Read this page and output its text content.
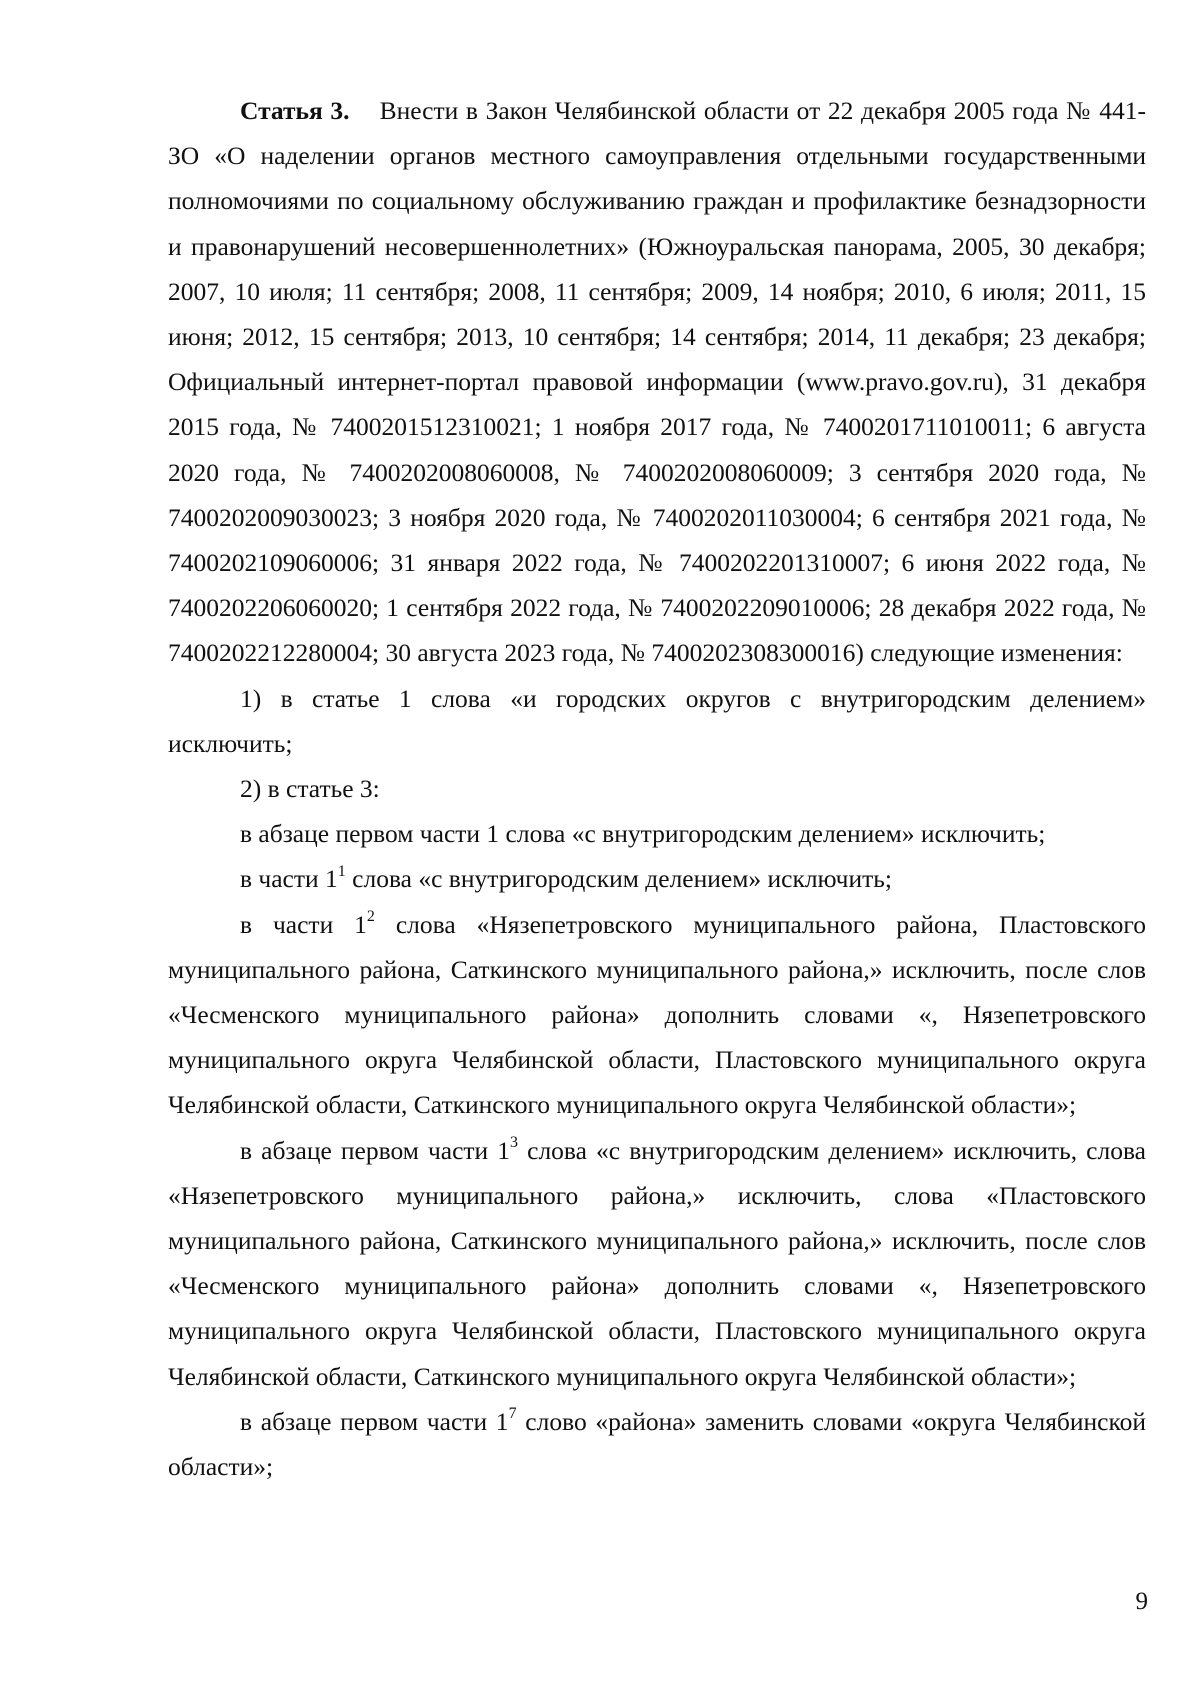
Статья 3. Внести в Закон Челябинской области от 22 декабря 2005 года № 441-ЗО «О наделении органов местного самоуправления отдельными государственными полномочиями по социальному обслуживанию граждан и профилактике безнадзорности и правонарушений несовершеннолетних» (Южноуральская панорама, 2005, 30 декабря; 2007, 10 июля; 11 сентября; 2008, 11 сентября; 2009, 14 ноября; 2010, 6 июля; 2011, 15 июня; 2012, 15 сентября; 2013, 10 сентября; 14 сентября; 2014, 11 декабря; 23 декабря; Официальный интернет-портал правовой информации (www.pravo.gov.ru), 31 декабря 2015 года, № 7400201512310021; 1 ноября 2017 года, № 7400201711010011; 6 августа 2020 года, № 7400202008060008, № 7400202008060009; 3 сентября 2020 года, № 7400202009030023; 3 ноября 2020 года, № 7400202011030004; 6 сентября 2021 года, № 7400202109060006; 31 января 2022 года, № 7400202201310007; 6 июня 2022 года, № 7400202206060020; 1 сентября 2022 года, № 7400202209010006; 28 декабря 2022 года, № 7400202212280004; 30 августа 2023 года, № 7400202308300016) следующие изменения:

1) в статье 1 слова «и городских округов с внутригородским делением» исключить;

2) в статье 3:

в абзаце первом части 1 слова «с внутригородским делением» исключить;

в части $1^1$ слова «с внутригородским делением» исключить;

в части $1^2$ слова «Нязепетровского муниципального района, Пластовского муниципального района, Саткинского муниципального района,» исключить, после слов «Чесменского муниципального района» дополнить словами «, Нязепетровского муниципального округа Челябинской области, Пластовского муниципального округа Челябинской области, Саткинского муниципального округа Челябинской области»;

в абзаце первом части $1^3$ слова «с внутригородским делением» исключить, слова «Нязепетровского муниципального района,» исключить, слова «Пластовского муниципального района, Саткинского муниципального района,» исключить, после слов «Чесменского муниципального района» дополнить словами «, Нязепетровского муниципального округа Челябинской области, Пластовского муниципального округа Челябинской области, Саткинского муниципального округа Челябинской области»;

в абзаце первом части $1^7$ слово «района» заменить словами «округа Челябинской области»;

9
